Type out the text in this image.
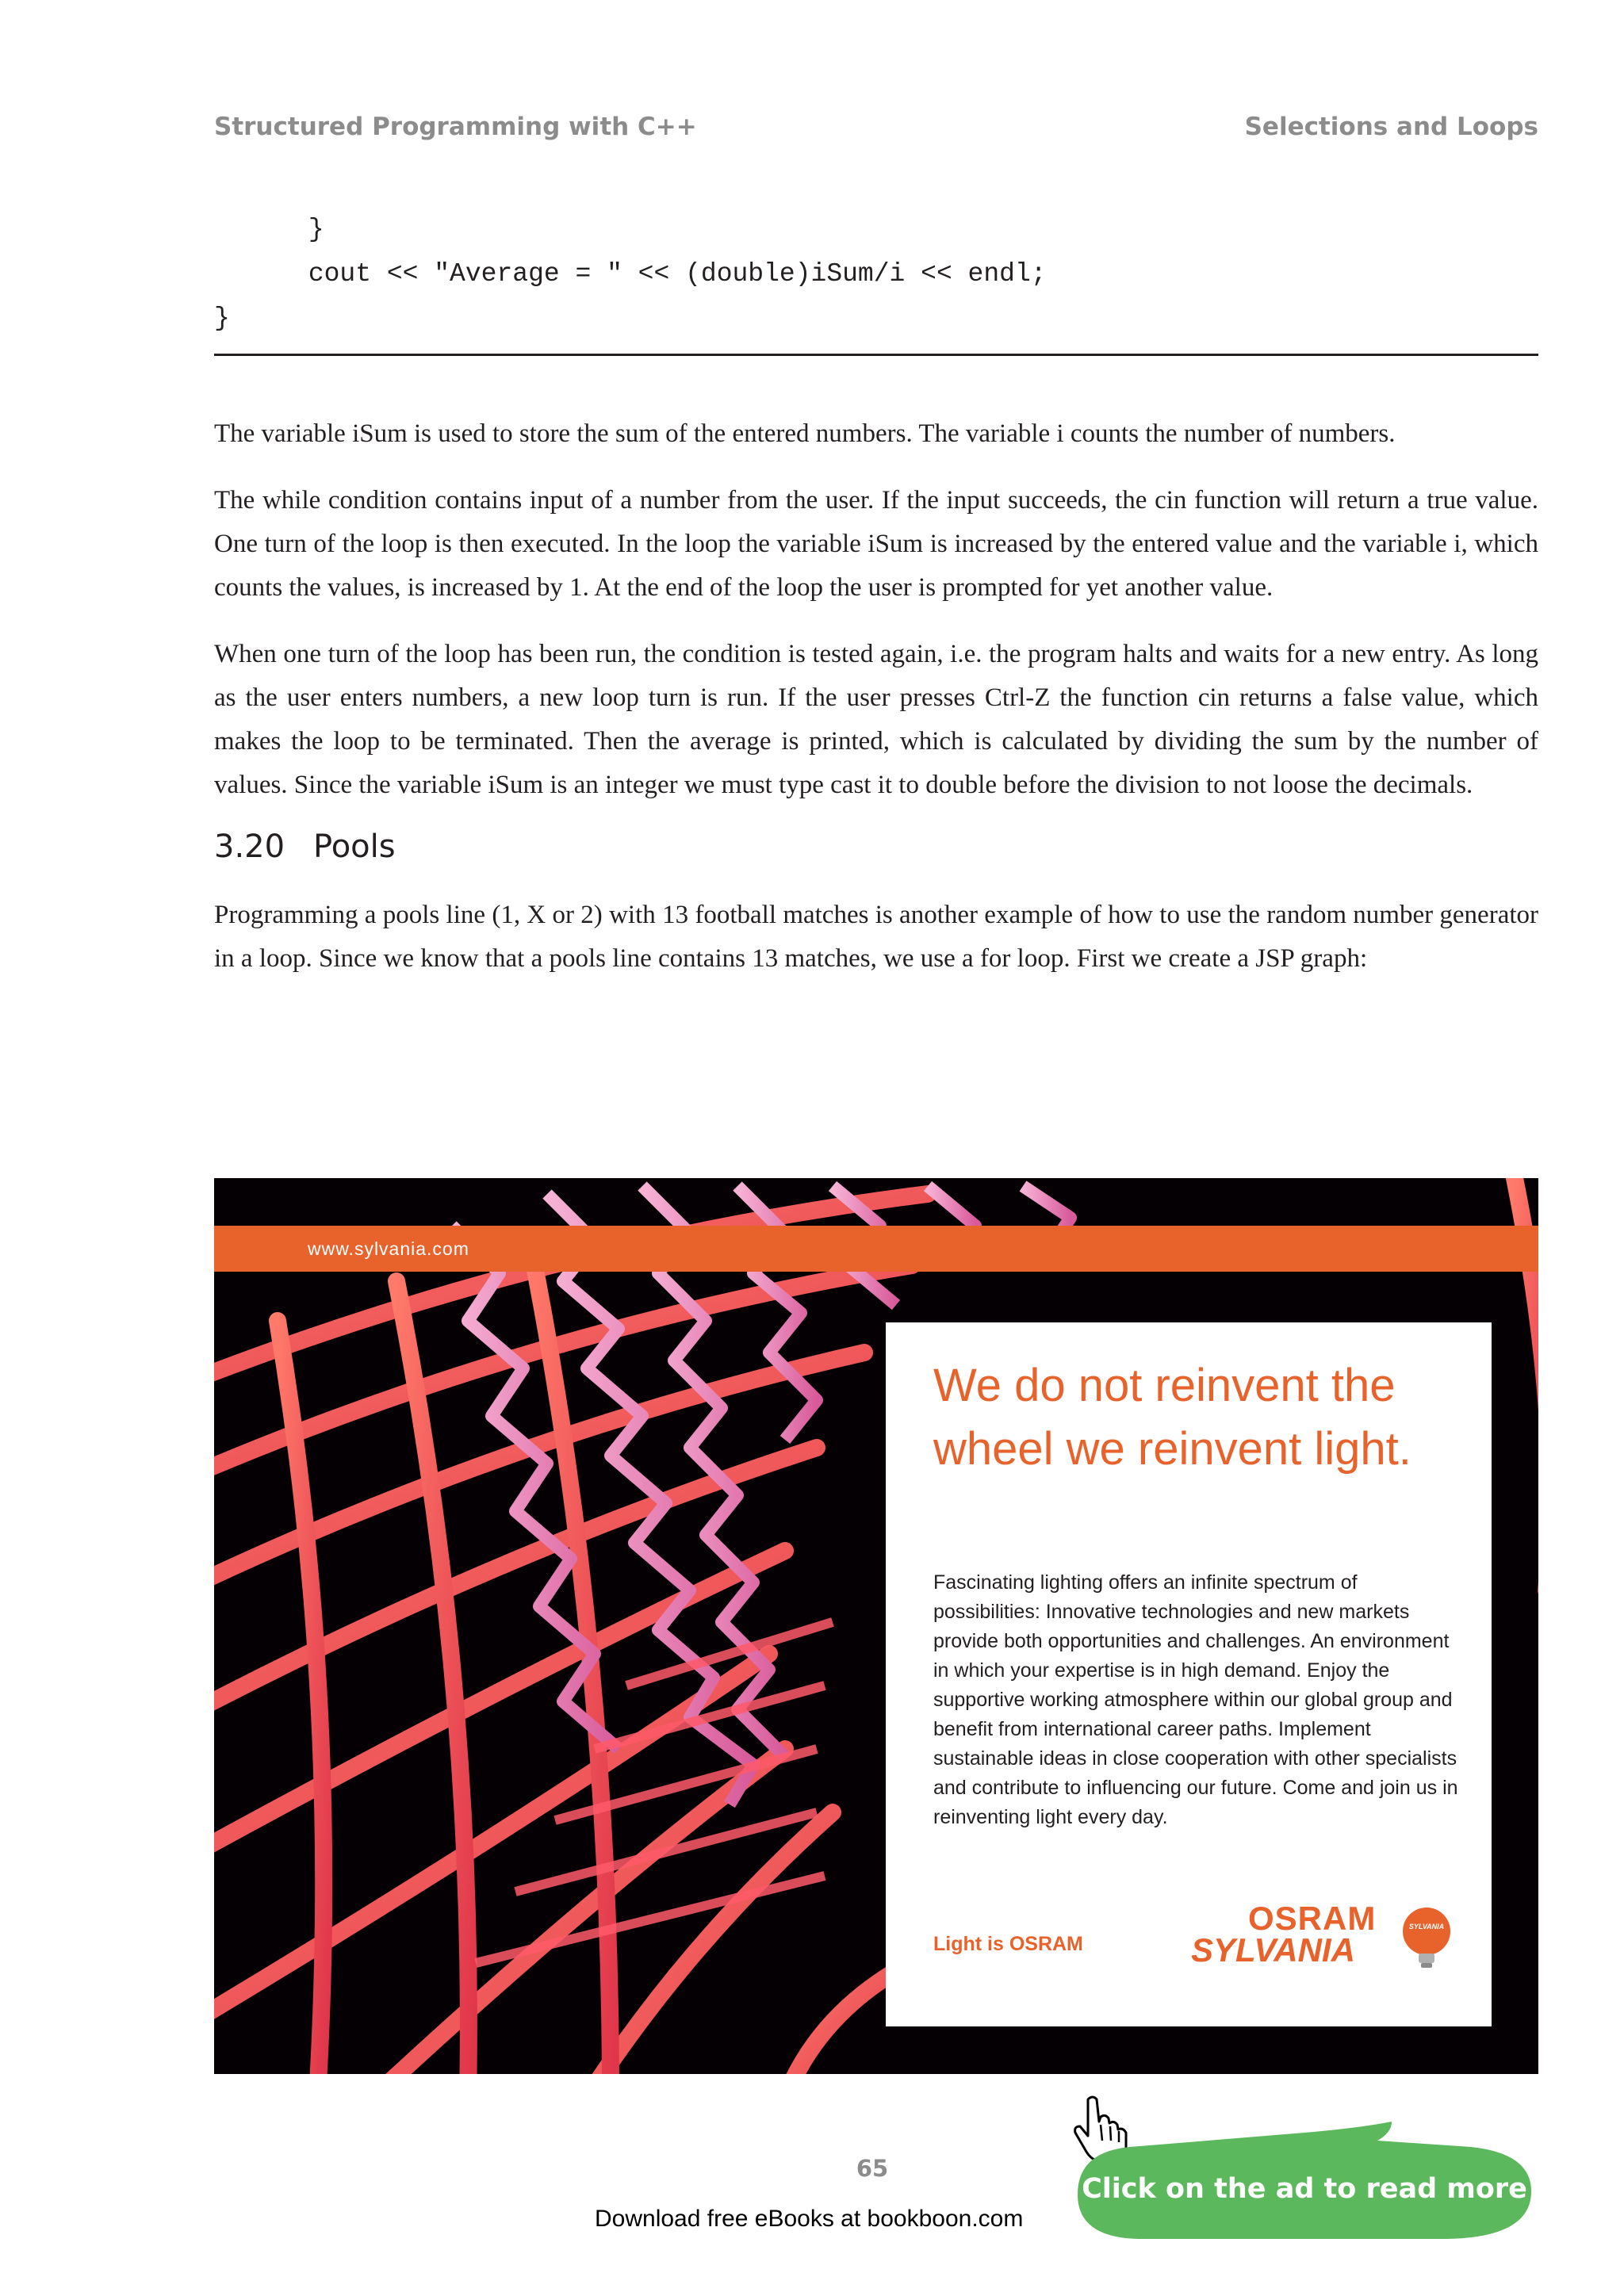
Structured Programming with C++	Selections and Loops
}
cout << "Average = " << (double)iSum/i << endl;
}
The variable iSum is used to store the sum of the entered numbers. The variable i counts the number of numbers.
The while condition contains input of a number from the user. If the input succeeds, the cin function will return a true value. One turn of the loop is then executed. In the loop the variable iSum is increased by the entered value and the variable i, which counts the values, is increased by 1. At the end of the loop the user is prompted for yet another value.
When one turn of the loop has been run, the condition is tested again, i.e. the program halts and waits for a new entry. As long as the user enters numbers, a new loop turn is run. If the user presses Ctrl-Z the function cin returns a false value, which makes the loop to be terminated. Then the average is printed, which is calculated by dividing the sum by the number of values. Since the variable iSum is an integer we must type cast it to double before the division to not loose the decimals.
3.20 Pools
Programming a pools line (1, X or 2) with 13 football matches is another example of how to use the random number generator in a loop. Since we know that a pools line contains 13 matches, we use a for loop. First we create a JSP graph:
www.sylvania.com
We do not reinvent the wheel we reinvent light.
Fascinating lighting offers an infinite spectrum of possibilities: Innovative technologies and new markets provide both opportunities and challenges. An environment in which your expertise is in high demand. Enjoy the supportive working atmosphere within our global group and benefit from international career paths. Implement sustainable ideas in close cooperation with other specialists and contribute to influencing our future. Come and join us in reinventing light every day.
Light is OSRAM
OSRAM
SYLVANIA
SYLVANIA
Click on the ad to read more
65
Download free eBooks at bookboon.com
